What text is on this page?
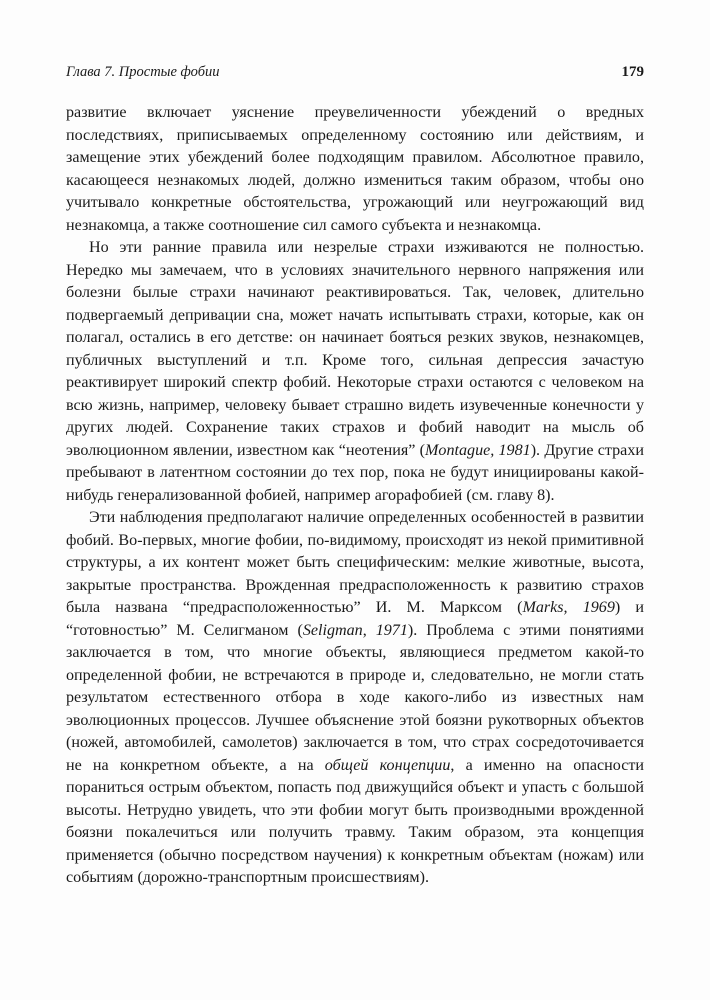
Глава 7. Простые фобии	179

развитие включает уяснение преувеличенности убеждений о вредных последствиях, приписываемых определенному состоянию или действиям, и замещение этих убеждений более подходящим правилом. Абсолютное правило, касающееся незнакомых людей, должно измениться таким образом, чтобы оно учитывало конкретные обстоятельства, угрожающий или неугрожающий вид незнакомца, а также соотношение сил самого субъекта и незнакомца.

Но эти ранние правила или незрелые страхи изживаются не полностью. Нередко мы замечаем, что в условиях значительного нервного напряжения или болезни былые страхи начинают реактивироваться. Так, человек, длительно подвергаемый депривации сна, может начать испытывать страхи, которые, как он полагал, остались в его детстве: он начинает бояться резких звуков, незнакомцев, публичных выступлений и т.п. Кроме того, сильная депрессия зачастую реактивирует широкий спектр фобий. Некоторые страхи остаются с человеком на всю жизнь, например, человеку бывает страшно видеть изувеченные конечности у других людей. Сохранение таких страхов и фобий наводит на мысль об эволюционном явлении, известном как “неотения” (Montague, 1981). Другие страхи пребывают в латентном состоянии до тех пор, пока не будут инициированы какой-нибудь генерализованной фобией, например агорафобией (см. главу 8).

Эти наблюдения предполагают наличие определенных особенностей в развитии фобий. Во-первых, многие фобии, по-видимому, происходят из некой примитивной структуры, а их контент может быть специфическим: мелкие животные, высота, закрытые пространства. Врожденная предрасположенность к развитию страхов была названа “предрасположенностью” И. М. Марксом (Marks, 1969) и “готовностью” М. Селигманом (Seligman, 1971). Проблема с этими понятиями заключается в том, что многие объекты, являющиеся предметом какой-то определенной фобии, не встречаются в природе и, следовательно, не могли стать результатом естественного отбора в ходе какого-либо из известных нам эволюционных процессов. Лучшее объяснение этой боязни рукотворных объектов (ножей, автомобилей, самолетов) заключается в том, что страх сосредоточивается не на конкретном объекте, а на общей концепции, а именно на опасности пораниться острым объектом, попасть под движущийся объект и упасть с большой высоты. Нетрудно увидеть, что эти фобии могут быть производными врожденной боязни покалечиться или получить травму. Таким образом, эта концепция применяется (обычно посредством научения) к конкретным объектам (ножам) или событиям (дорожно-транспортным происшествиям).
